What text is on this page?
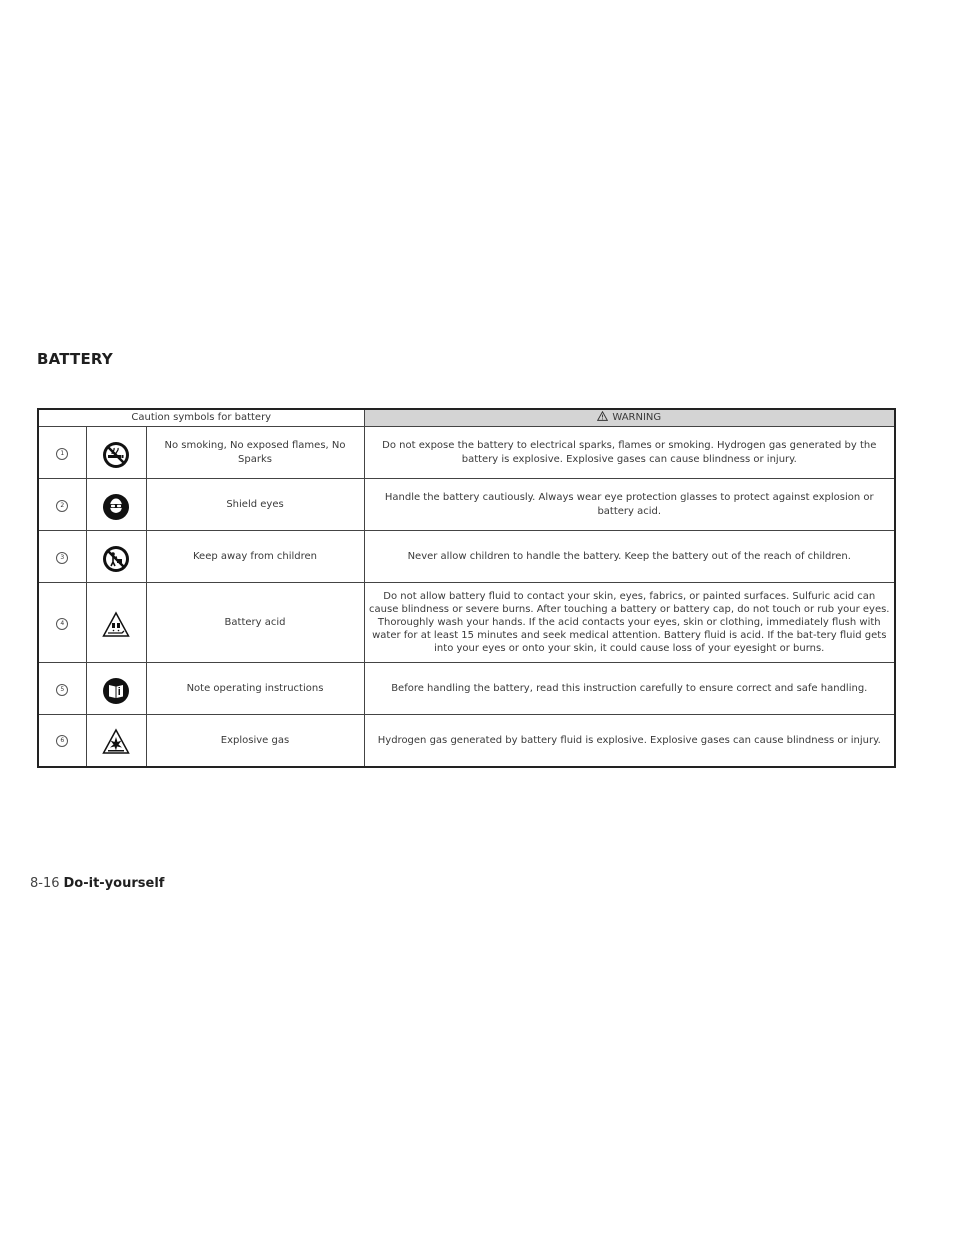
BATTERY
Caution symbols for battery			WARNING
1		No smoking, No exposed flames, No Sparks	Do not expose the battery to electrical sparks, flames or smoking. Hydrogen gas generated by the battery is explosive. Explosive gases can cause blindness or injury.
2		Shield eyes	Handle the battery cautiously. Always wear eye protection glasses to protect against explosion or battery acid.
3		Keep away from children	Never allow children to handle the battery. Keep the battery out of the reach of children.
4		Battery acid	Do not allow battery fluid to contact your skin, eyes, fabrics, or painted surfaces. Sulfuric acid can cause blindness or severe burns. After touching a battery or battery cap, do not touch or rub your eyes. Thoroughly wash your hands. If the acid contacts your eyes, skin or clothing, immediately flush with water for at least 15 minutes and seek medical attention. Battery fluid is acid. If the bat-tery fluid gets into your eyes or onto your skin, it could cause loss of your eyesight or burns.
5		Note operating instructions	Before handling the battery, read this instruction carefully to ensure correct and safe handling.
6		Explosive gas	Hydrogen gas generated by battery fluid is explosive. Explosive gases can cause blindness or injury.

8-16 Do-it-yourself
